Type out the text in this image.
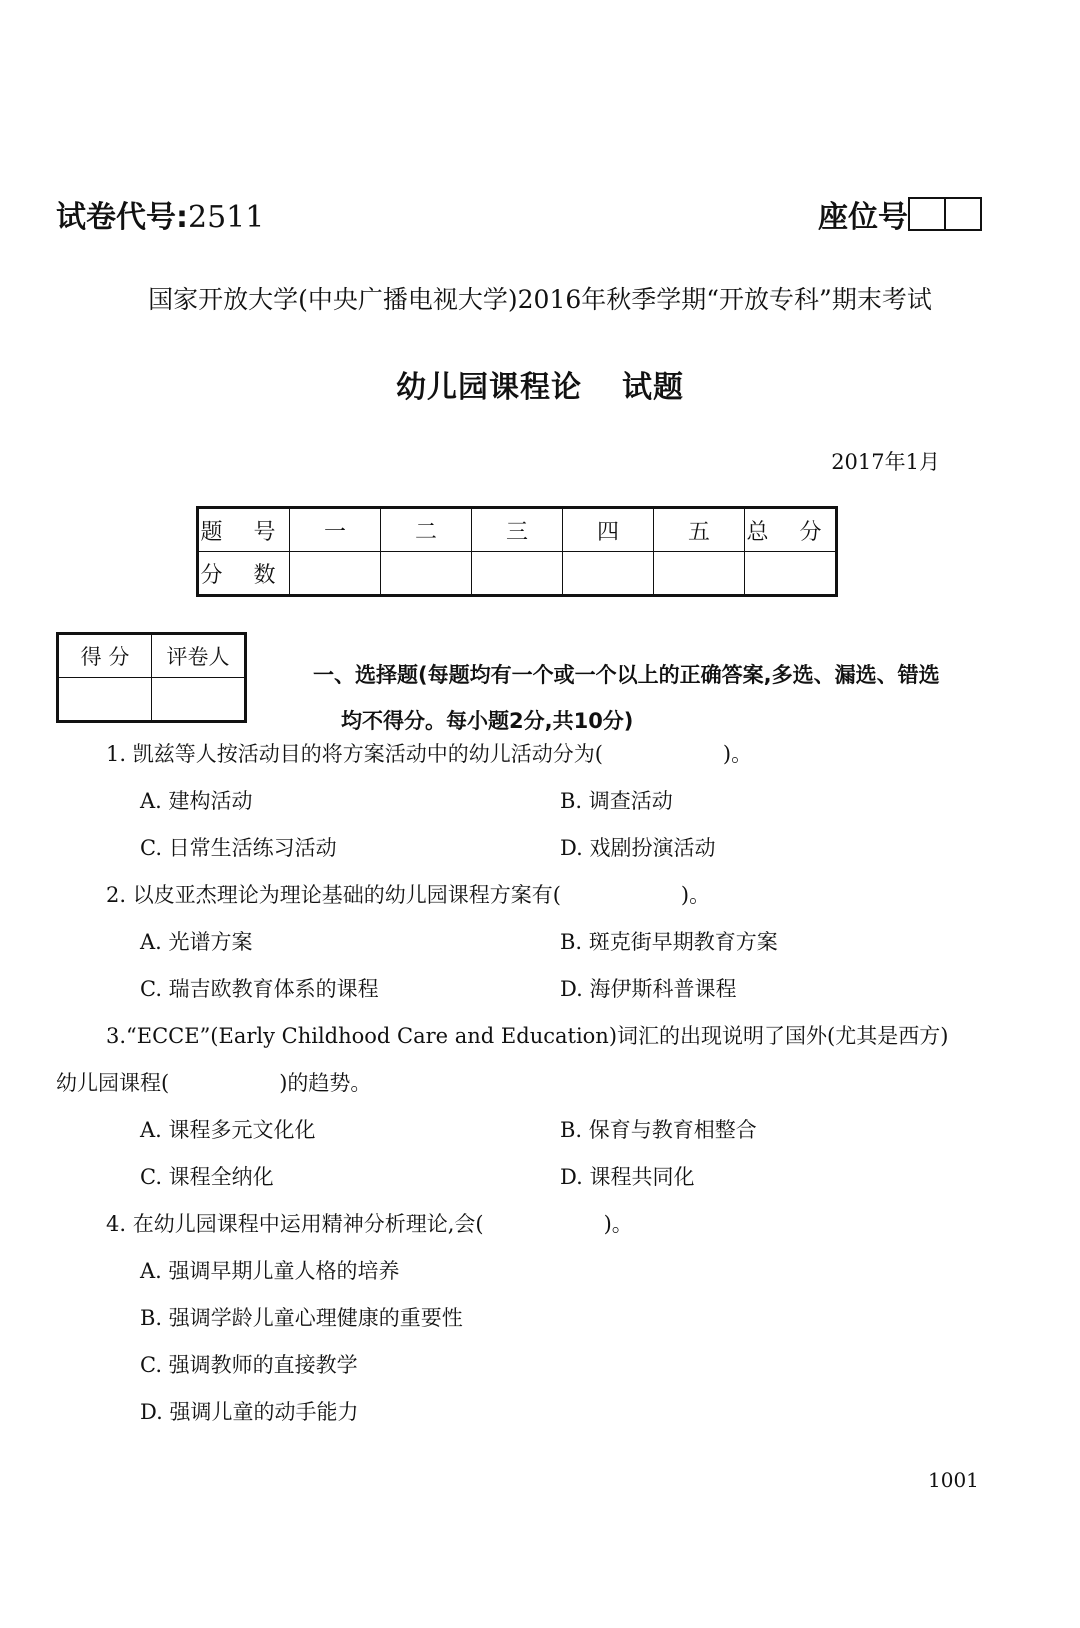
试卷代号:2511	座位号
国家开放大学(中央广播电视大学)2016年秋季学期“开放专科”期末考试
幼儿园课程论 试题
2017年1月
题 号	一	二	三	四	五	总 分
分 数						
得 分	评卷人

一、选择题(每题均有一个或一个以上的正确答案,多选、漏选、错选
均不得分。每小题2分,共10分)
1. 凯兹等人按活动目的将方案活动中的幼儿活动分为(	)。
A. 建构活动	B. 调查活动
C. 日常生活练习活动	D. 戏剧扮演活动
2. 以皮亚杰理论为理论基础的幼儿园课程方案有(	)。
A. 光谱方案	B. 斑克街早期教育方案
C. 瑞吉欧教育体系的课程	D. 海伊斯科普课程
3.“ECCE”(Early Childhood Care and Education)词汇的出现说明了国外(尤其是西方)
幼儿园课程(	)的趋势。
A. 课程多元文化化	B. 保育与教育相整合
C. 课程全纳化	D. 课程共同化
4. 在幼儿园课程中运用精神分析理论,会(	)。
A. 强调早期儿童人格的培养
B. 强调学龄儿童心理健康的重要性
C. 强调教师的直接教学
D. 强调儿童的动手能力
1001
